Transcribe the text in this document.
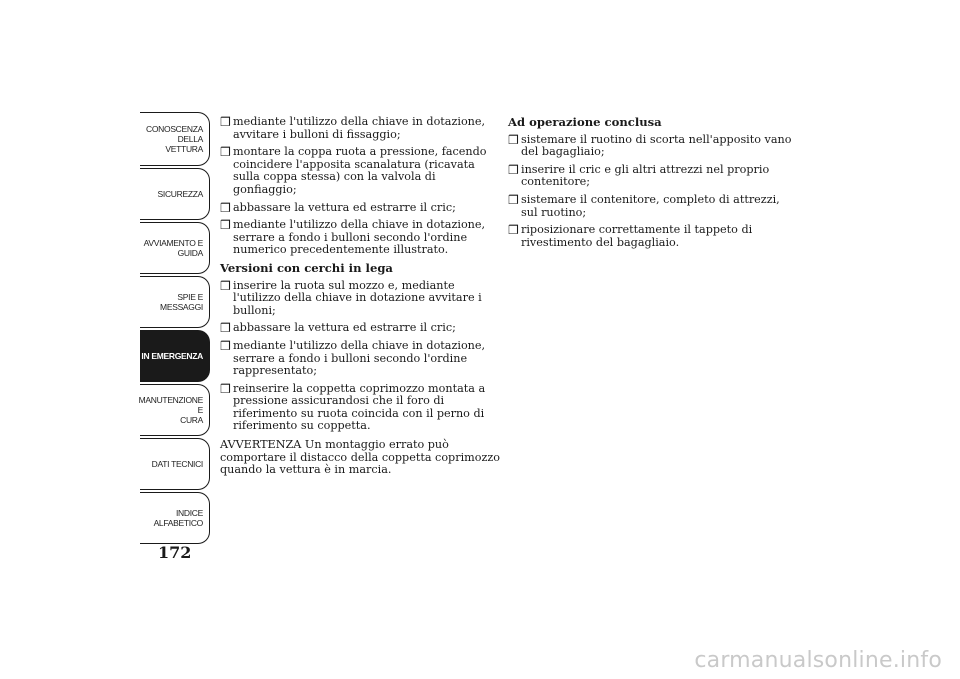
CONOSCENZA
DELLA VETTURA
SICUREZZA
AVVIAMENTO E
GUIDA
SPIE E MESSAGGI
IN EMERGENZA
MANUTENZIONE E
CURA
DATI TECNICI
INDICE
ALFABETICO
172
❒ mediante l'utilizzo della chiave in dotazione, avvitare i bulloni di fissaggio;
❒ montare la coppa ruota a pressione, facendo coincidere l'apposita scanalatura (ricavata sulla coppa stessa) con la valvola di gonfiaggio;
❒ abbassare la vettura ed estrarre il cric;
❒ mediante l'utilizzo della chiave in dotazione, serrare a fondo i bulloni secondo l'ordine numerico precedentemente illustrato.
Versioni con cerchi in lega
❒ inserire la ruota sul mozzo e, mediante l'utilizzo della chiave in dotazione avvitare i bulloni;
❒ abbassare la vettura ed estrarre il cric;
❒ mediante l'utilizzo della chiave in dotazione, serrare a fondo i bulloni secondo l'ordine rappresentato;
❒ reinserire la coppetta coprimozzo montata a pressione assicurandosi che il foro di riferimento su ruota coincida con il perno di riferimento su coppetta.
AVVERTENZA Un montaggio errato può comportare il distacco della coppetta coprimozzo quando la vettura è in marcia.
Ad operazione conclusa
❒ sistemare il ruotino di scorta nell'apposito vano del bagagliaio;
❒ inserire il cric e gli altri attrezzi nel proprio contenitore;
❒ sistemare il contenitore, completo di attrezzi, sul ruotino;
❒ riposizionare correttamente il tappeto di rivestimento del bagagliaio.
carmanualsonline.info
